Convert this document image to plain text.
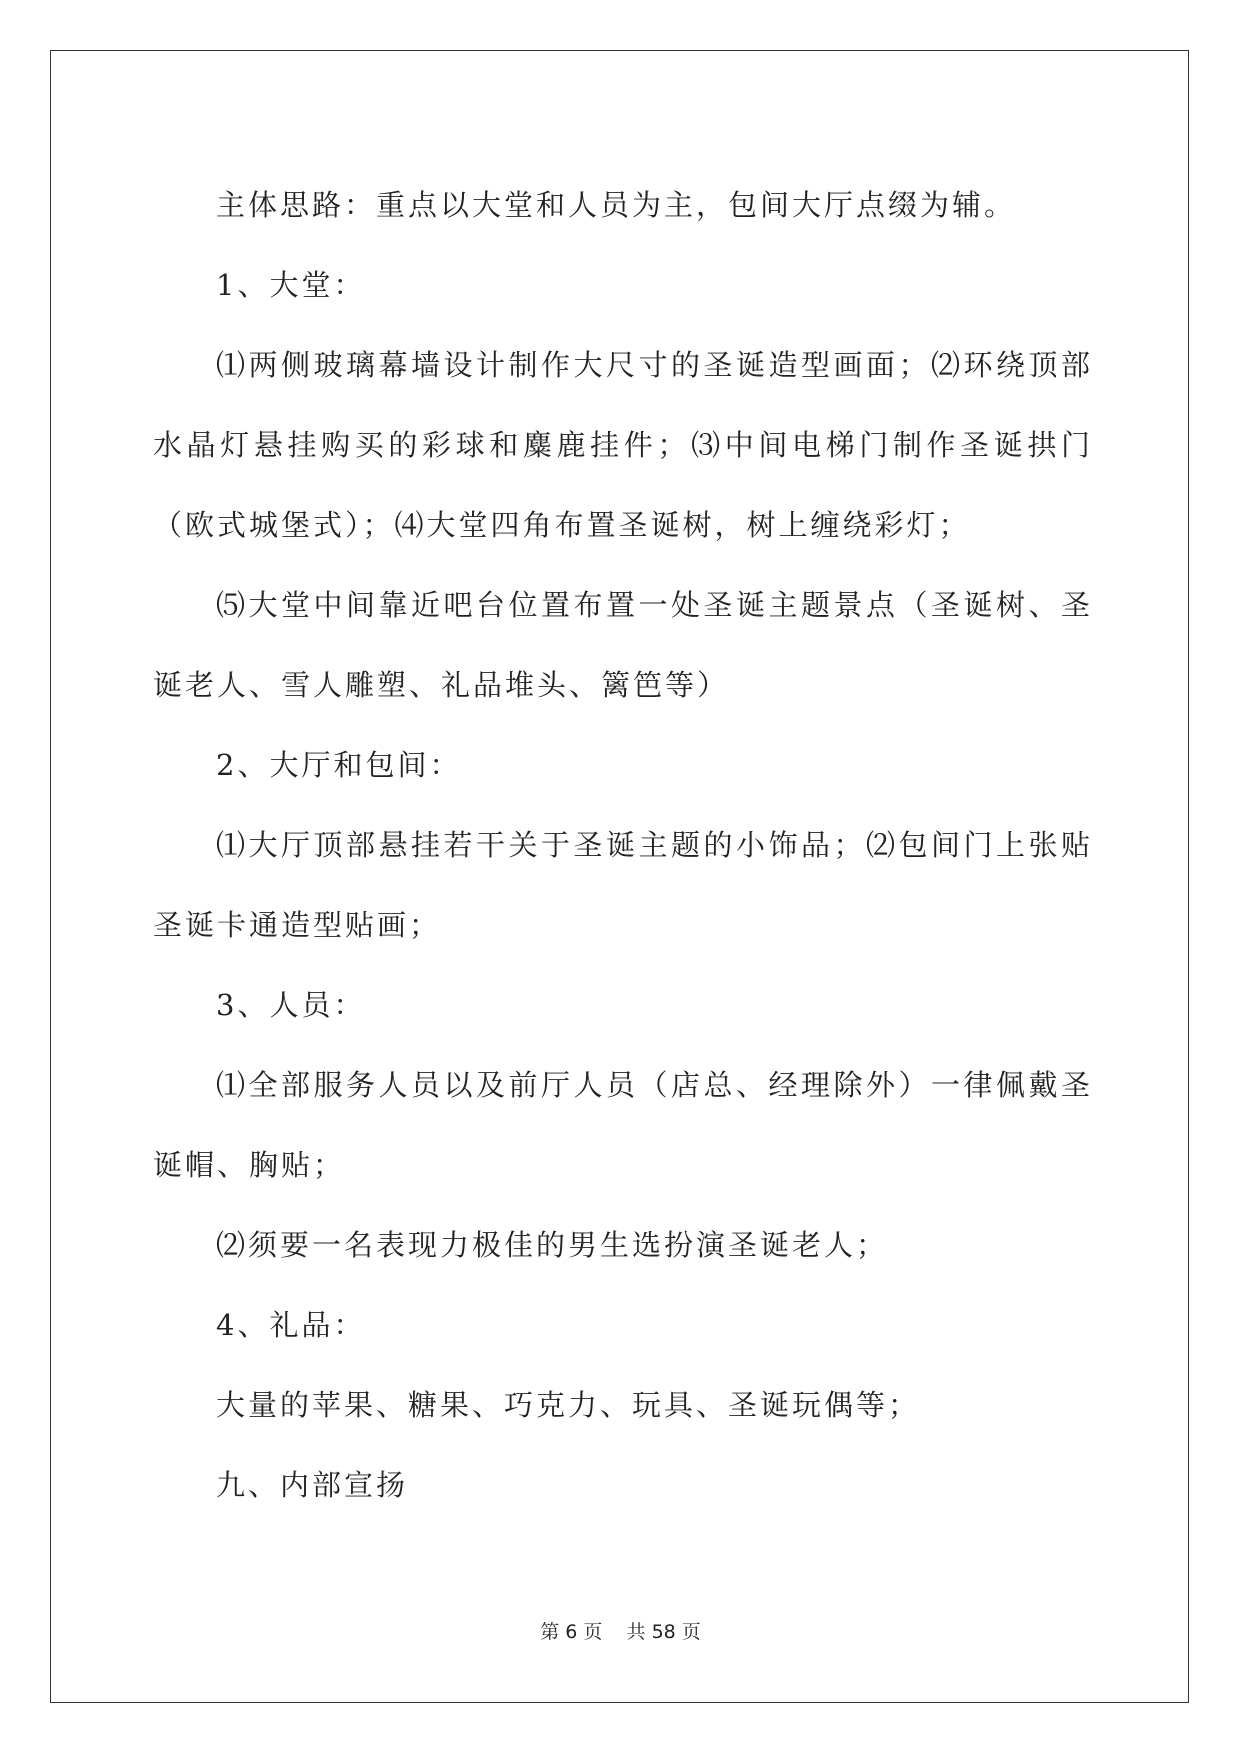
主体思路：重点以大堂和人员为主，包间大厅点缀为辅。

1、大堂：

⑴两侧玻璃幕墙设计制作大尺寸的圣诞造型画面；⑵环绕顶部水晶灯悬挂购买的彩球和麋鹿挂件；⑶中间电梯门制作圣诞拱门（欧式城堡式）；⑷大堂四角布置圣诞树，树上缠绕彩灯；

⑸大堂中间靠近吧台位置布置一处圣诞主题景点（圣诞树、圣诞老人、雪人雕塑、礼品堆头、篱笆等）

2、大厅和包间：

⑴大厅顶部悬挂若干关于圣诞主题的小饰品；⑵包间门上张贴圣诞卡通造型贴画；

3、人员：

⑴全部服务人员以及前厅人员（店总、经理除外）一律佩戴圣诞帽、胸贴；

⑵须要一名表现力极佳的男生选扮演圣诞老人；

4、礼品：

大量的苹果、糖果、巧克力、玩具、圣诞玩偶等；

九、内部宣扬

第 6 页 共 58 页
